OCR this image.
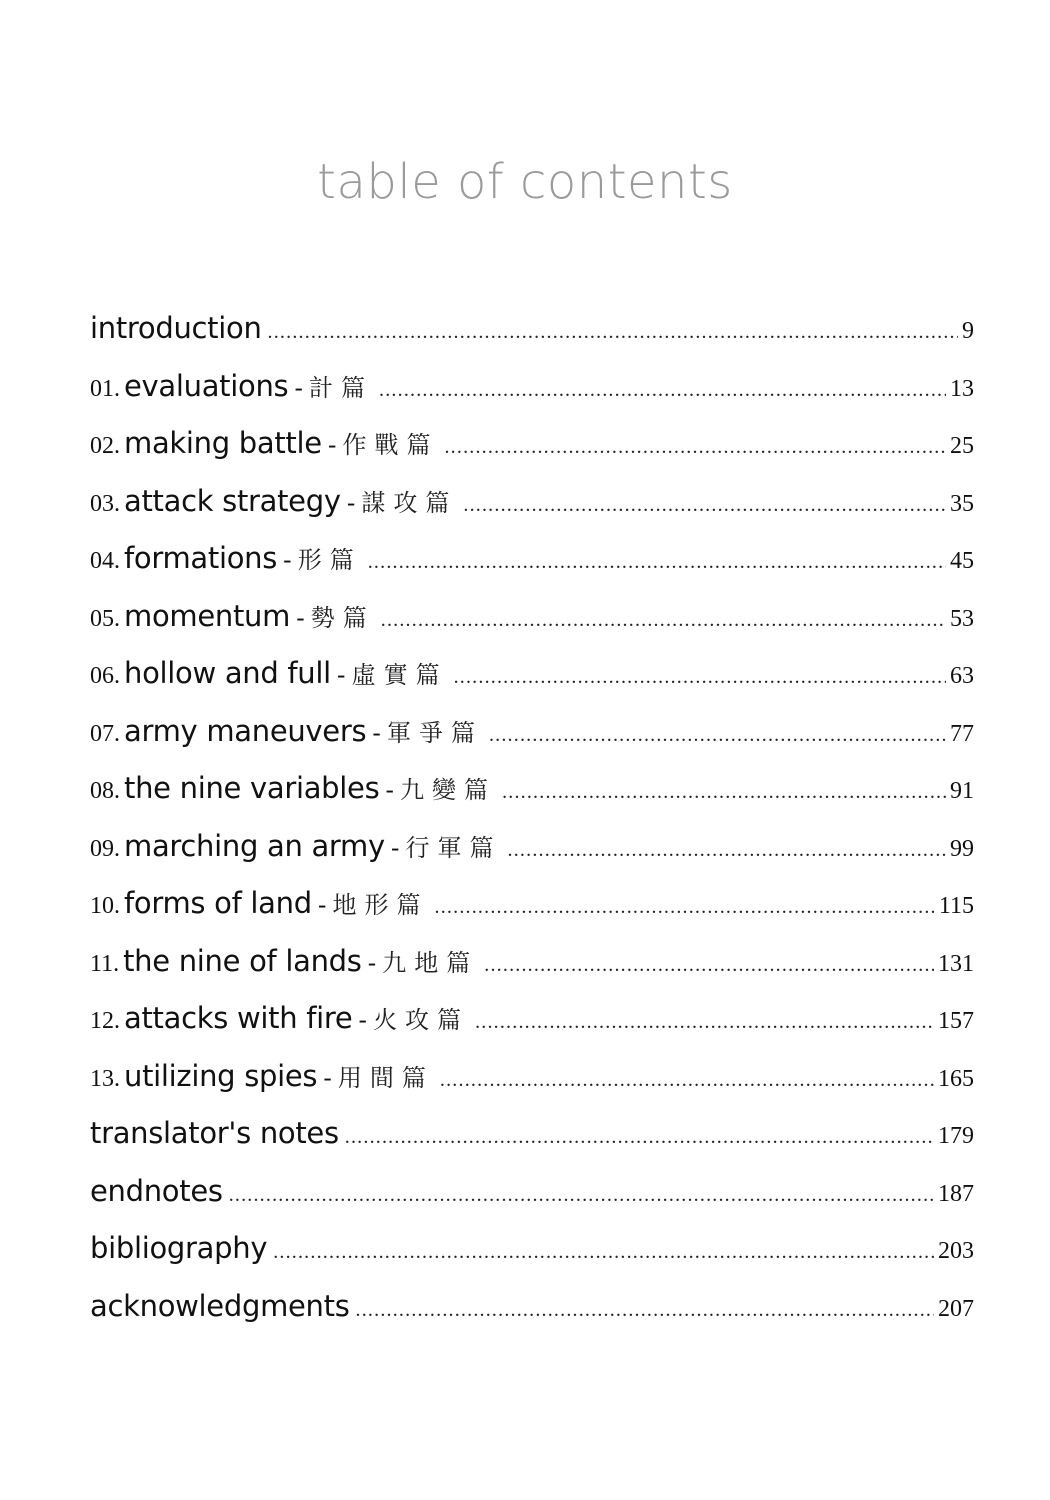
table of contents
introduction .....	9
01. evaluations - 計篇 .....	13
02. making battle - 作戰篇 .....	25
03. attack strategy - 謀攻篇 .....	35
04. formations - 形篇 .....	45
05. momentum - 勢篇 .....	53
06. hollow and full - 虛實篇 .....	63
07. army maneuvers - 軍爭篇 .....	77
08. the nine variables - 九變篇 .....	91
09. marching an army - 行軍篇 .....	99
10. forms of land - 地形篇 .....	115
11. the nine of lands - 九地篇 .....	131
12. attacks with fire - 火攻篇 .....	157
13. utilizing spies - 用間篇 .....	165
translator's notes .....	179
endnotes .....	187
bibliography .....	203
acknowledgments .....	207
